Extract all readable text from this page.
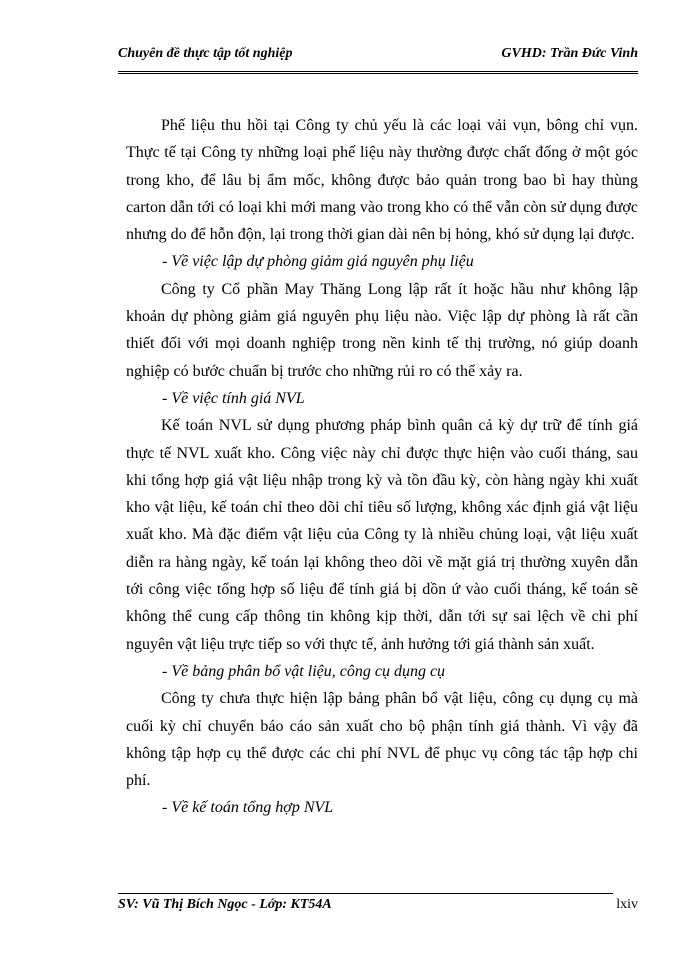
Chuyên đề thực tập tốt nghiệp	GVHD: Trần Đức Vinh

Phế liệu thu hồi tại Công ty chủ yếu là các loại vải vụn, bông chỉ vụn. Thực tế tại Công ty những loại phế liệu này thường được chất đống ở một góc trong kho, để lâu bị ẩm mốc, không được bảo quản trong bao bì hay thùng carton dẫn tới có loại khi mới mang vào trong kho có thể vẫn còn sử dụng được nhưng do để hỗn độn, lại trong thời gian dài nên bị hỏng, khó sử dụng lại được.

- Về việc lập dự phòng giảm giá nguyên phụ liệu

Công ty Cổ phần May Thăng Long lập rất ít hoặc hầu như không lập khoản dự phòng giảm giá nguyên phụ liệu nào. Việc lập dự phòng là rất cần thiết đối với mọi doanh nghiệp trong nền kinh tế thị trường, nó giúp doanh nghiệp có bước chuẩn bị trước cho những rủi ro có thể xảy ra.

- Về việc tính giá NVL

Kế toán NVL sử dụng phương pháp bình quân cả kỳ dự trữ để tính giá thực tế NVL xuất kho. Công việc này chỉ được thực hiện vào cuối tháng, sau khi tổng hợp giá vật liệu nhập trong kỳ và tồn đầu kỳ, còn hàng ngày khi xuất kho vật liệu, kế toán chỉ theo dõi chỉ tiêu số lượng, không xác định giá vật liệu xuất kho. Mà đặc điểm vật liệu của Công ty là nhiều chủng loại, vật liệu xuất diễn ra hàng ngày, kế toán lại không theo dõi về mặt giá trị thường xuyên dẫn tới công việc tổng hợp số liệu để tính giá bị dồn ứ vào cuối tháng, kế toán sẽ không thể cung cấp thông tin không kịp thời, dẫn tới sự sai lệch về chi phí nguyên vật liệu trực tiếp so với thực tế, ảnh hưởng tới giá thành sản xuất.

- Về bảng phân bổ vật liệu, công cụ dụng cụ

Công ty chưa thực hiện lập bảng phân bổ vật liệu, công cụ dụng cụ mà cuối kỳ chỉ chuyển báo cáo sản xuất cho bộ phận tính giá thành. Vì vậy đã không tập hợp cụ thể được các chi phí NVL để phục vụ công tác tập hợp chi phí.

- Về kế toán tổng hợp NVL

SV: Vũ Thị Bích Ngọc - Lớp: KT54A	lxiv
